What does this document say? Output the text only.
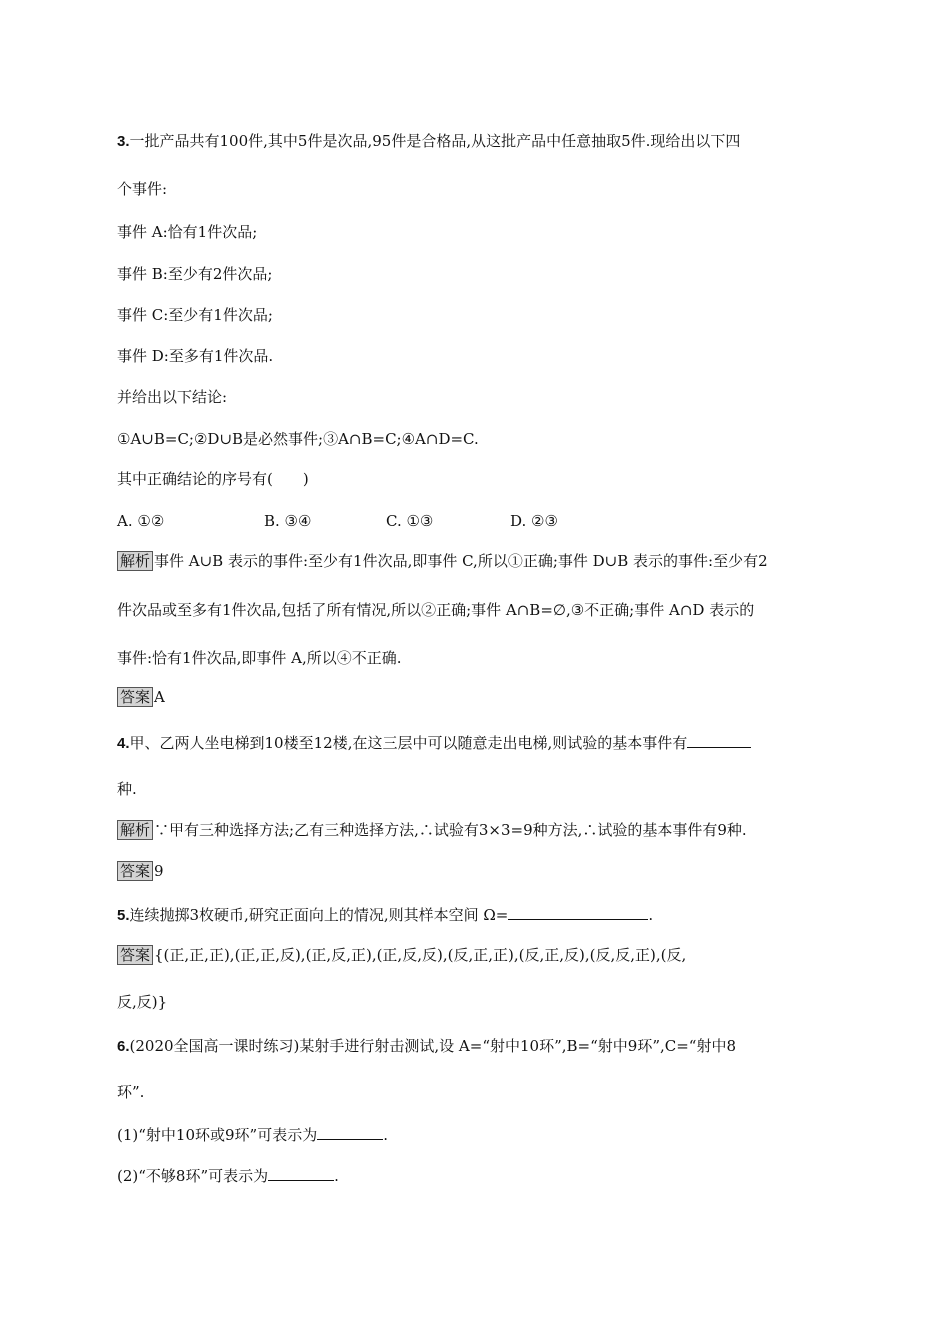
3.一批产品共有100件,其中5件是次品,95件是合格品,从这批产品中任意抽取5件.现给出以下四
个事件:
事件 A:恰有1件次品;
事件 B:至少有2件次品;
事件 C:至少有1件次品;
事件 D:至多有1件次品.
并给出以下结论:
①A∪B=C;②D∪B是必然事件;③A∩B=C;④A∩D=C.
其中正确结论的序号有(　　)
A. ①②	B. ③④	C. ①③	D. ②③
解析 事件 A∪B 表示的事件:至少有1件次品,即事件 C,所以①正确;事件 D∪B 表示的事件:至少有2
件次品或至多有1件次品,包括了所有情况,所以②正确;事件 A∩B=∅,③不正确;事件 A∩D 表示的
事件:恰有1件次品,即事件 A,所以④不正确.
答案 A
4.甲、乙两人坐电梯到10楼至12楼,在这三层中可以随意走出电梯,则试验的基本事件有
种.
解析 ∵甲有三种选择方法;乙有三种选择方法,∴试验有3×3=9种方法,∴试验的基本事件有9种.
答案 9
5.连续抛掷3枚硬币,研究正面向上的情况,则其样本空间 Ω=	.
答案 {(正,正,正),(正,正,反),(正,反,正),(正,反,反),(反,正,正),(反,正,反),(反,反,正),(反,
反,反)}
6.(2020全国高一课时练习)某射手进行射击测试,设 A=“射中10环”,B=“射中9环”,C=“射中8
环”.
(1)“射中10环或9环”可表示为	.
(2)“不够8环”可表示为	.
